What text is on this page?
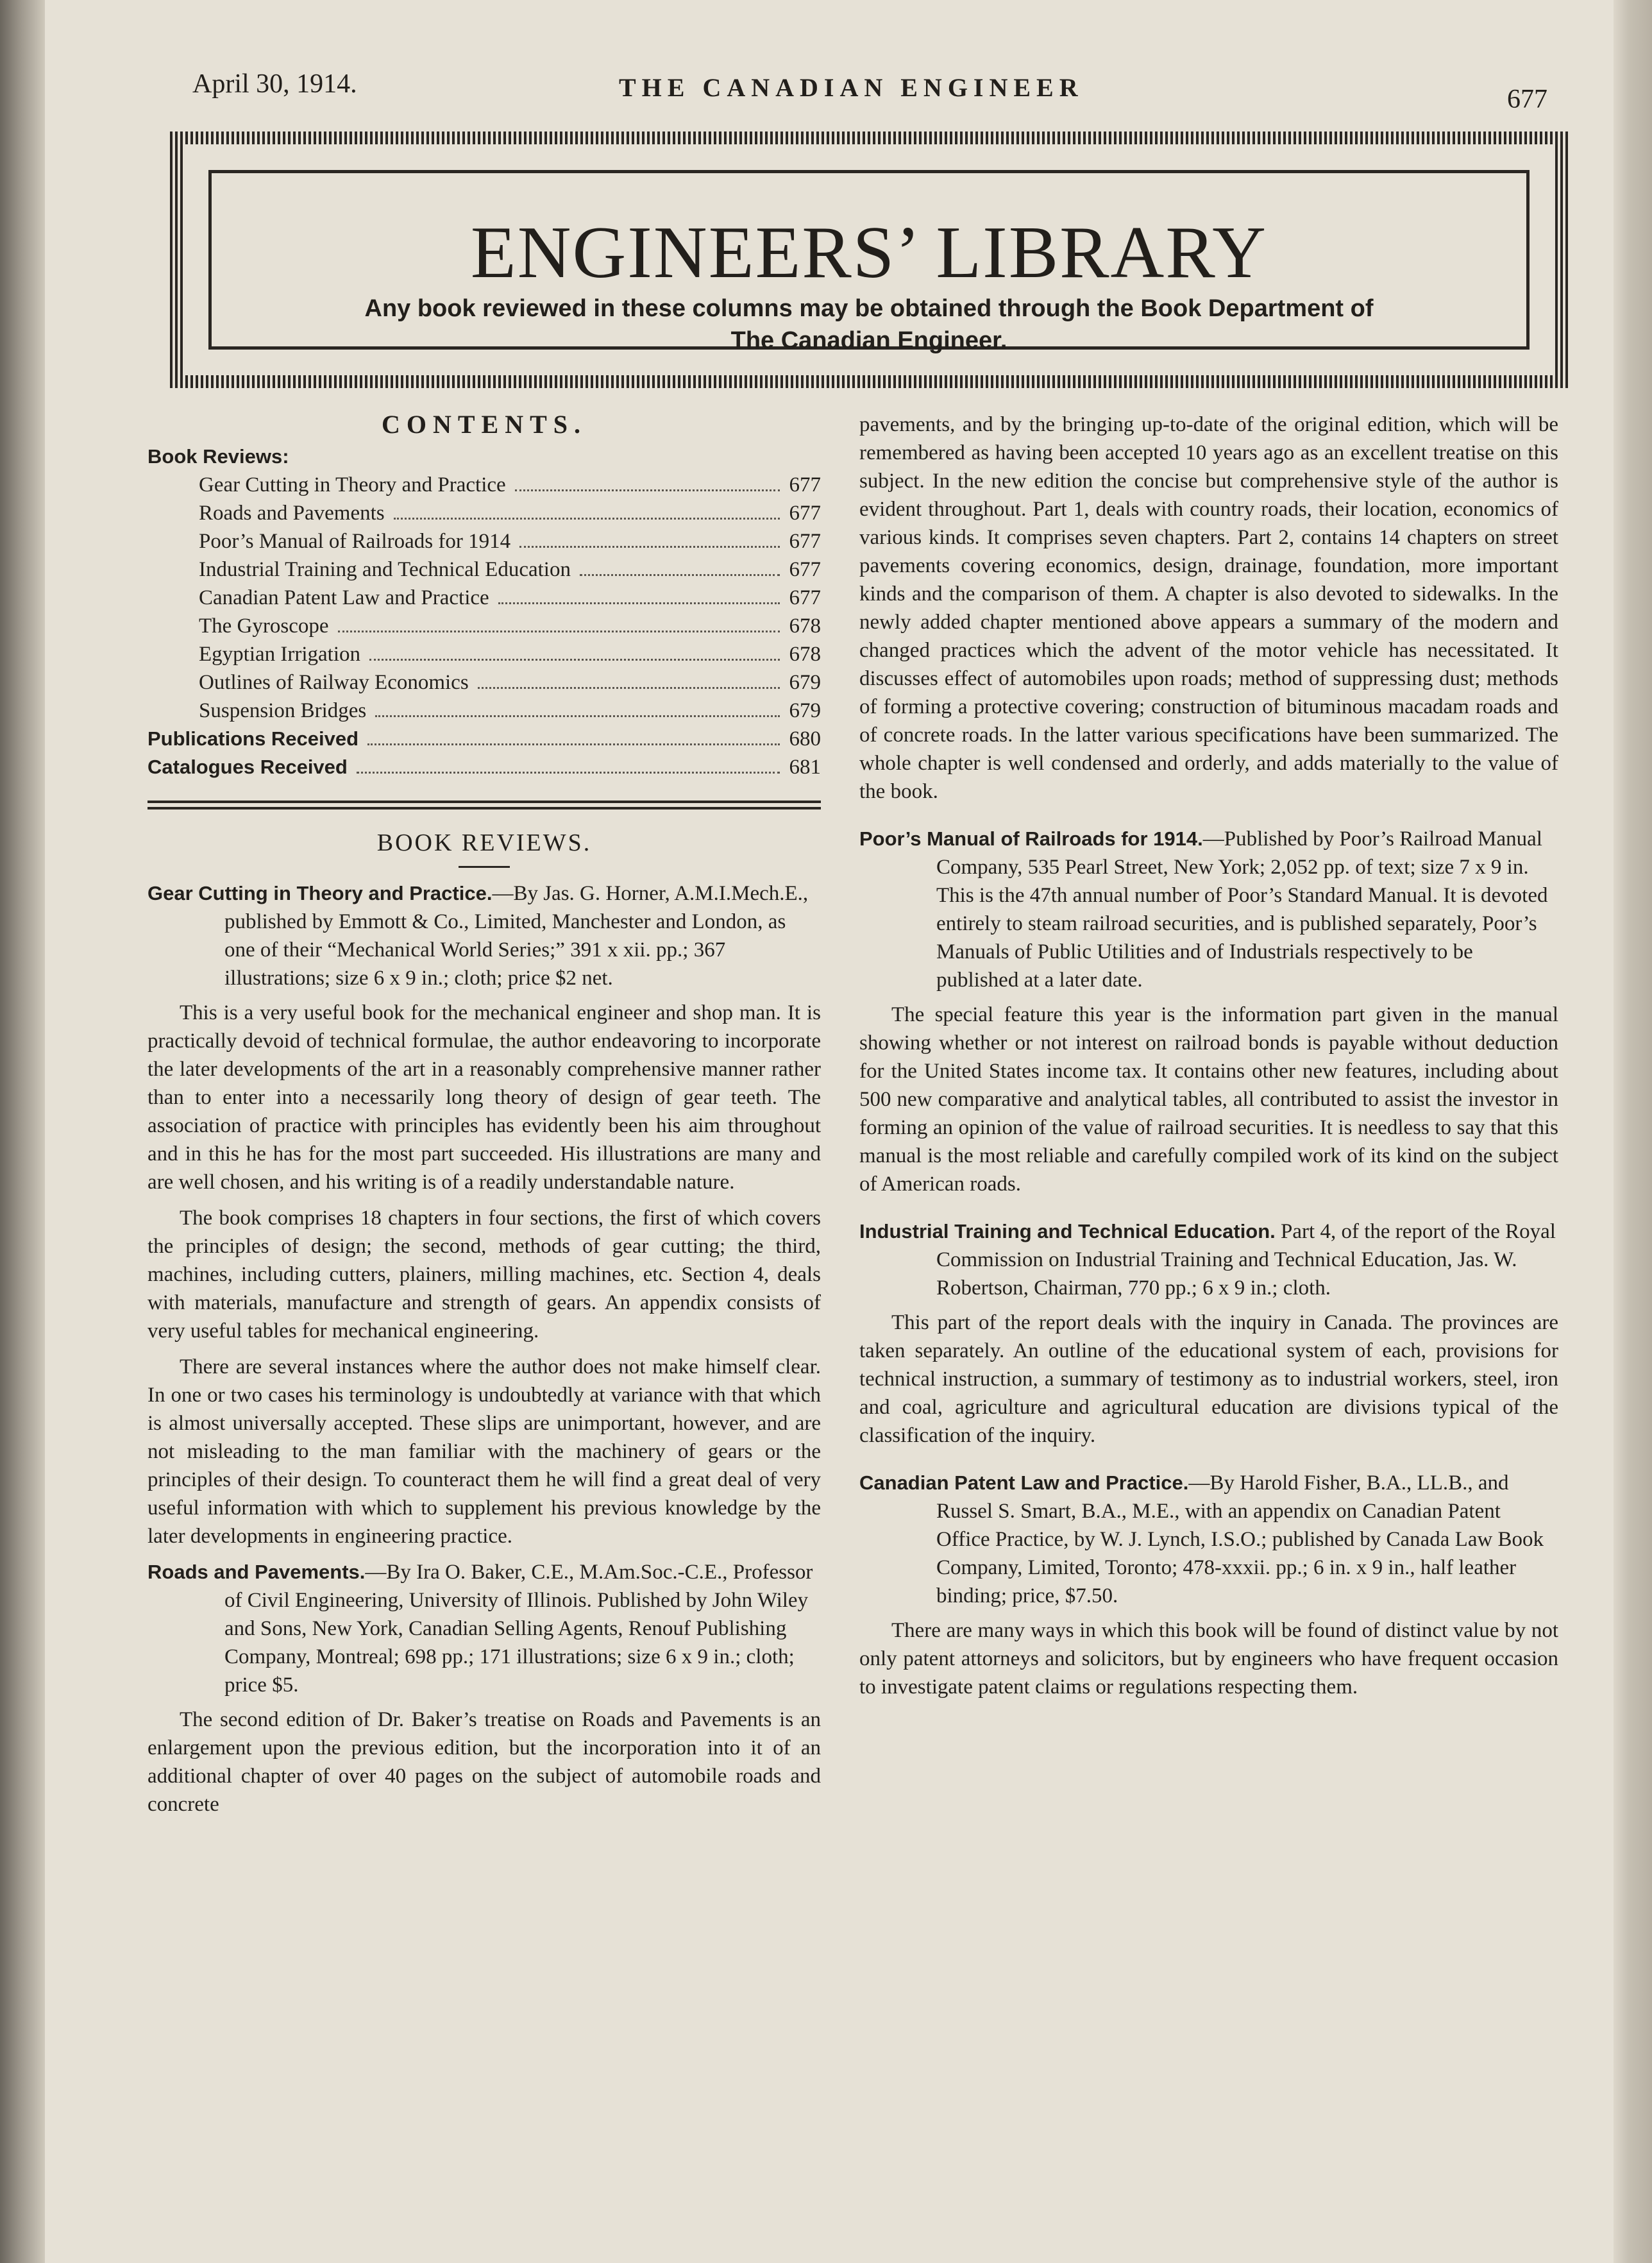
April 30, 1914.	THE CANADIAN ENGINEER	677
ENGINEERS’ LIBRARY
Any book reviewed in these columns may be obtained through the Book Department of
The Canadian Engineer.
CONTENTS.
Book Reviews:
Gear Cutting in Theory and Practice	677
Roads and Pavements	677
Poor’s Manual of Railroads for 1914	677
Industrial Training and Technical Education	677
Canadian Patent Law and Practice	677
The Gyroscope	678
Egyptian Irrigation	678
Outlines of Railway Economics	679
Suspension Bridges	679
Publications Received	680
Catalogues Received	681
BOOK REVIEWS.

Gear Cutting in Theory and Practice.—By Jas. G. Horner, A.M.I.Mech.E., published by Emmott & Co., Limited, Manchester and London, as one of their “Mechanical World Series;” 391 x xii. pp.; 367 illustrations; size 6 x 9 in.; cloth; price $2 net.

This is a very useful book for the mechanical engineer and shop man. It is practically devoid of technical formulae, the author endeavoring to incorporate the later developments of the art in a reasonably comprehensive manner rather than to enter into a necessarily long theory of design of gear teeth. The association of practice with principles has evidently been his aim throughout and in this he has for the most part succeeded. His illustrations are many and are well chosen, and his writing is of a readily understandable nature.

The book comprises 18 chapters in four sections, the first of which covers the principles of design; the second, methods of gear cutting; the third, machines, including cutters, plainers, milling machines, etc. Section 4, deals with materials, manufacture and strength of gears. An appendix consists of very useful tables for mechanical engineering.

There are several instances where the author does not make himself clear. In one or two cases his terminology is undoubtedly at variance with that which is almost universally accepted. These slips are unimportant, however, and are not misleading to the man familiar with the machinery of gears or the principles of their design. To counteract them he will find a great deal of very useful information with which to supplement his previous knowledge by the later developments in engineering practice.

Roads and Pavements.—By Ira O. Baker, C.E., M.Am.Soc.-C.E., Professor of Civil Engineering, University of Illinois. Published by John Wiley and Sons, New York, Canadian Selling Agents, Renouf Publishing Company, Montreal; 698 pp.; 171 illustrations; size 6 x 9 in.; cloth; price $5.

The second edition of Dr. Baker’s treatise on Roads and Pavements is an enlargement upon the previous edition, but the incorporation into it of an additional chapter of over 40 pages on the subject of automobile roads and concrete

pavements, and by the bringing up-to-date of the original edition, which will be remembered as having been accepted 10 years ago as an excellent treatise on this subject. In the new edition the concise but comprehensive style of the author is evident throughout. Part 1, deals with country roads, their location, economics of various kinds. It comprises seven chapters. Part 2, contains 14 chapters on street pavements covering economics, design, drainage, foundation, more important kinds and the comparison of them. A chapter is also devoted to sidewalks. In the newly added chapter mentioned above appears a summary of the modern and changed practices which the advent of the motor vehicle has necessitated. It discusses effect of automobiles upon roads; method of suppressing dust; methods of forming a protective covering; construction of bituminous macadam roads and of concrete roads. In the latter various specifications have been summarized. The whole chapter is well condensed and orderly, and adds materially to the value of the book.

Poor’s Manual of Railroads for 1914.—Published by Poor’s Railroad Manual Company, 535 Pearl Street, New York; 2,052 pp. of text; size 7 x 9 in. This is the 47th annual number of Poor’s Standard Manual. It is devoted entirely to steam railroad securities, and is published separately, Poor’s Manuals of Public Utilities and of Industrials respectively to be published at a later date.

The special feature this year is the information part given in the manual showing whether or not interest on railroad bonds is payable without deduction for the United States income tax. It contains other new features, including about 500 new comparative and analytical tables, all contributed to assist the investor in forming an opinion of the value of railroad securities. It is needless to say that this manual is the most reliable and carefully compiled work of its kind on the subject of American roads.

Industrial Training and Technical Education. Part 4, of the report of the Royal Commission on Industrial Training and Technical Education, Jas. W. Robertson, Chairman, 770 pp.; 6 x 9 in.; cloth.

This part of the report deals with the inquiry in Canada. The provinces are taken separately. An outline of the educational system of each, provisions for technical instruction, a summary of testimony as to industrial workers, steel, iron and coal, agriculture and agricultural education are divisions typical of the classification of the inquiry.

Canadian Patent Law and Practice.—By Harold Fisher, B.A., LL.B., and Russel S. Smart, B.A., M.E., with an appendix on Canadian Patent Office Practice, by W. J. Lynch, I.S.O.; published by Canada Law Book Company, Limited, Toronto; 478-xxxii. pp.; 6 in. x 9 in., half leather binding; price, $7.50.

There are many ways in which this book will be found of distinct value by not only patent attorneys and solicitors, but by engineers who have frequent occasion to investigate patent claims or regulations respecting them.
